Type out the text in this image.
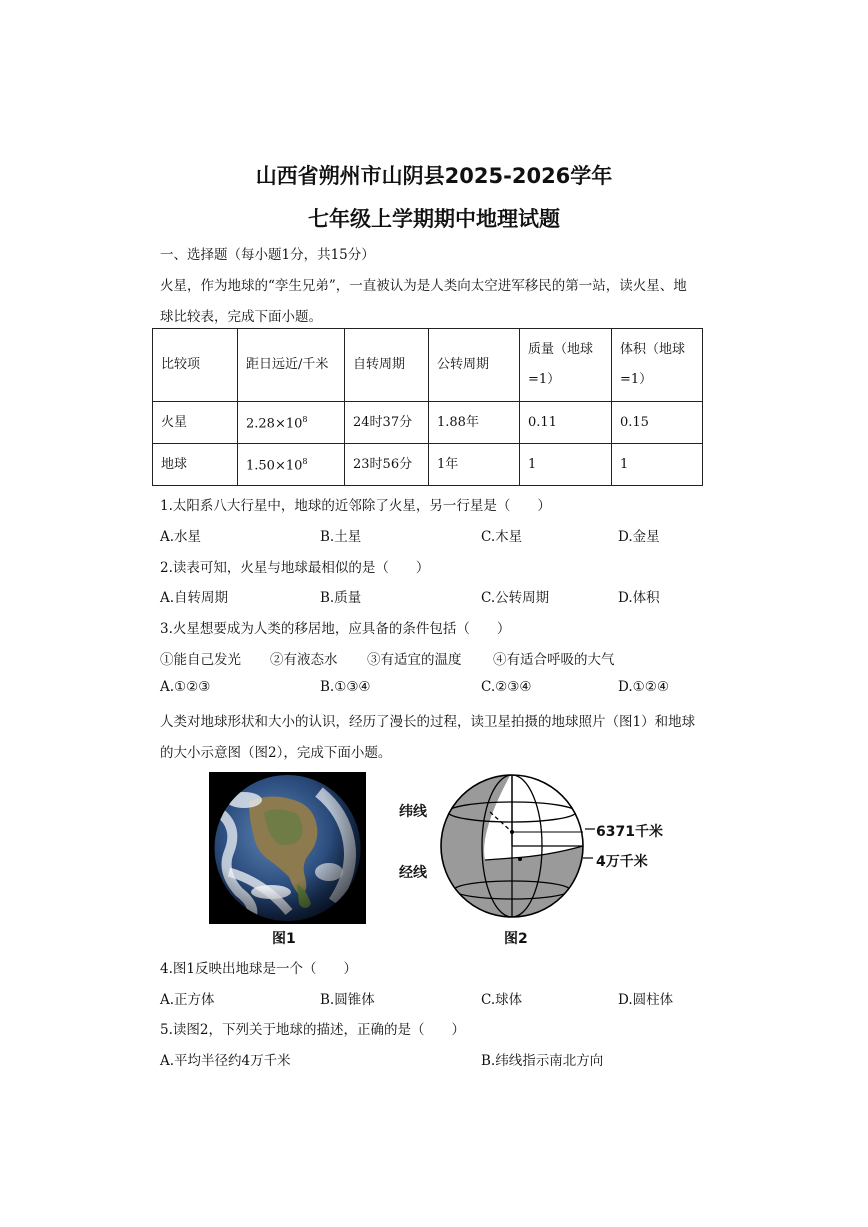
山西省朔州市山阴县2025-2026学年
七年级上学期期中地理试题
一、选择题（每小题1分，共15分）
火星，作为地球的“孪生兄弟”，一直被认为是人类向太空进军移民的第一站，读火星、地
球比较表，完成下面小题。
比较项	距日远近/千米	自转周期	公转周期	质量（地球=1）	体积（地球=1）
火星	$2.28\times 10^8$	24时37分	1.88年	0.11	0.15
地球	$1.50\times 10^8$	23时56分	1年	1	1
1.太阳系八大行星中，地球的近邻除了火星，另一行星是（　　）
A.水星	B.土星	C.木星	D.金星
2.读表可知，火星与地球最相似的是（　　）
A.自转周期	B.质量	C.公转周期	D.体积
3.火星想要成为人类的移居地，应具备的条件包括（　　）
①能自己发光 ②有液态水 ③有适宜的温度 ④有适合呼吸的大气
A.①②③	B.①③④	C.②③④	D.①②④
人类对地球形状和大小的认识，经历了漫长的过程，读卫星拍摄的地球照片（图1）和地球
的大小示意图（图2），完成下面小题。
图1
纬线
经线
6371千米
4万千米
图2
4.图1反映出地球是一个（　　）
A.正方体	B.圆锥体	C.球体	D.圆柱体
5.读图2，下列关于地球的描述，正确的是（　　）
A.平均半径约4万千米	B.纬线指示南北方向
